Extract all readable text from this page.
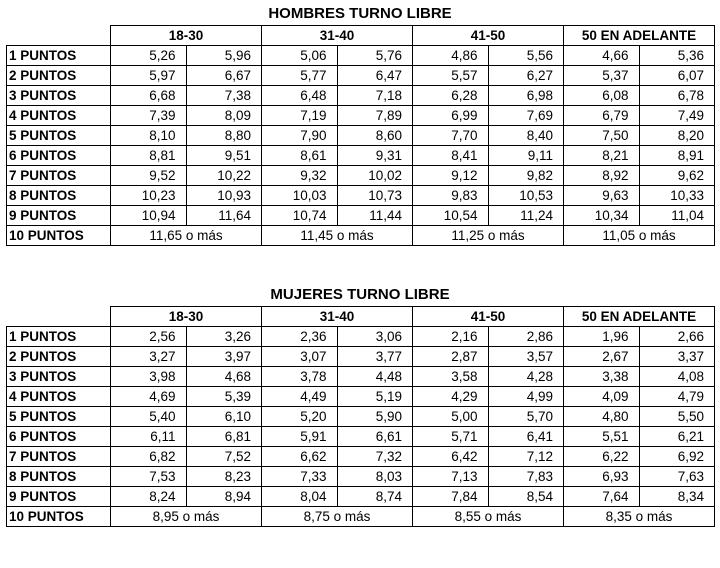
HOMBRES TURNO LIBRE
	18-30		31-40		41-50		50 EN ADELANTE	
1 PUNTOS	5,26	5,96	5,06	5,76	4,86	5,56	4,66	5,36
2 PUNTOS	5,97	6,67	5,77	6,47	5,57	6,27	5,37	6,07
3 PUNTOS	6,68	7,38	6,48	7,18	6,28	6,98	6,08	6,78
4 PUNTOS	7,39	8,09	7,19	7,89	6,99	7,69	6,79	7,49
5 PUNTOS	8,10	8,80	7,90	8,60	7,70	8,40	7,50	8,20
6 PUNTOS	8,81	9,51	8,61	9,31	8,41	9,11	8,21	8,91
7 PUNTOS	9,52	10,22	9,32	10,02	9,12	9,82	8,92	9,62
8 PUNTOS	10,23	10,93	10,03	10,73	9,83	10,53	9,63	10,33
9 PUNTOS	10,94	11,64	10,74	11,44	10,54	11,24	10,34	11,04
10 PUNTOS	11,65 o más		11,45 o más		11,25 o más		11,05 o más	
MUJERES TURNO LIBRE
	18-30		31-40		41-50		50 EN ADELANTE	
1 PUNTOS	2,56	3,26	2,36	3,06	2,16	2,86	1,96	2,66
2 PUNTOS	3,27	3,97	3,07	3,77	2,87	3,57	2,67	3,37
3 PUNTOS	3,98	4,68	3,78	4,48	3,58	4,28	3,38	4,08
4 PUNTOS	4,69	5,39	4,49	5,19	4,29	4,99	4,09	4,79
5 PUNTOS	5,40	6,10	5,20	5,90	5,00	5,70	4,80	5,50
6 PUNTOS	6,11	6,81	5,91	6,61	5,71	6,41	5,51	6,21
7 PUNTOS	6,82	7,52	6,62	7,32	6,42	7,12	6,22	6,92
8 PUNTOS	7,53	8,23	7,33	8,03	7,13	7,83	6,93	7,63
9 PUNTOS	8,24	8,94	8,04	8,74	7,84	8,54	7,64	8,34
10 PUNTOS	8,95 o más		8,75 o más		8,55 o más		8,35 o más	
